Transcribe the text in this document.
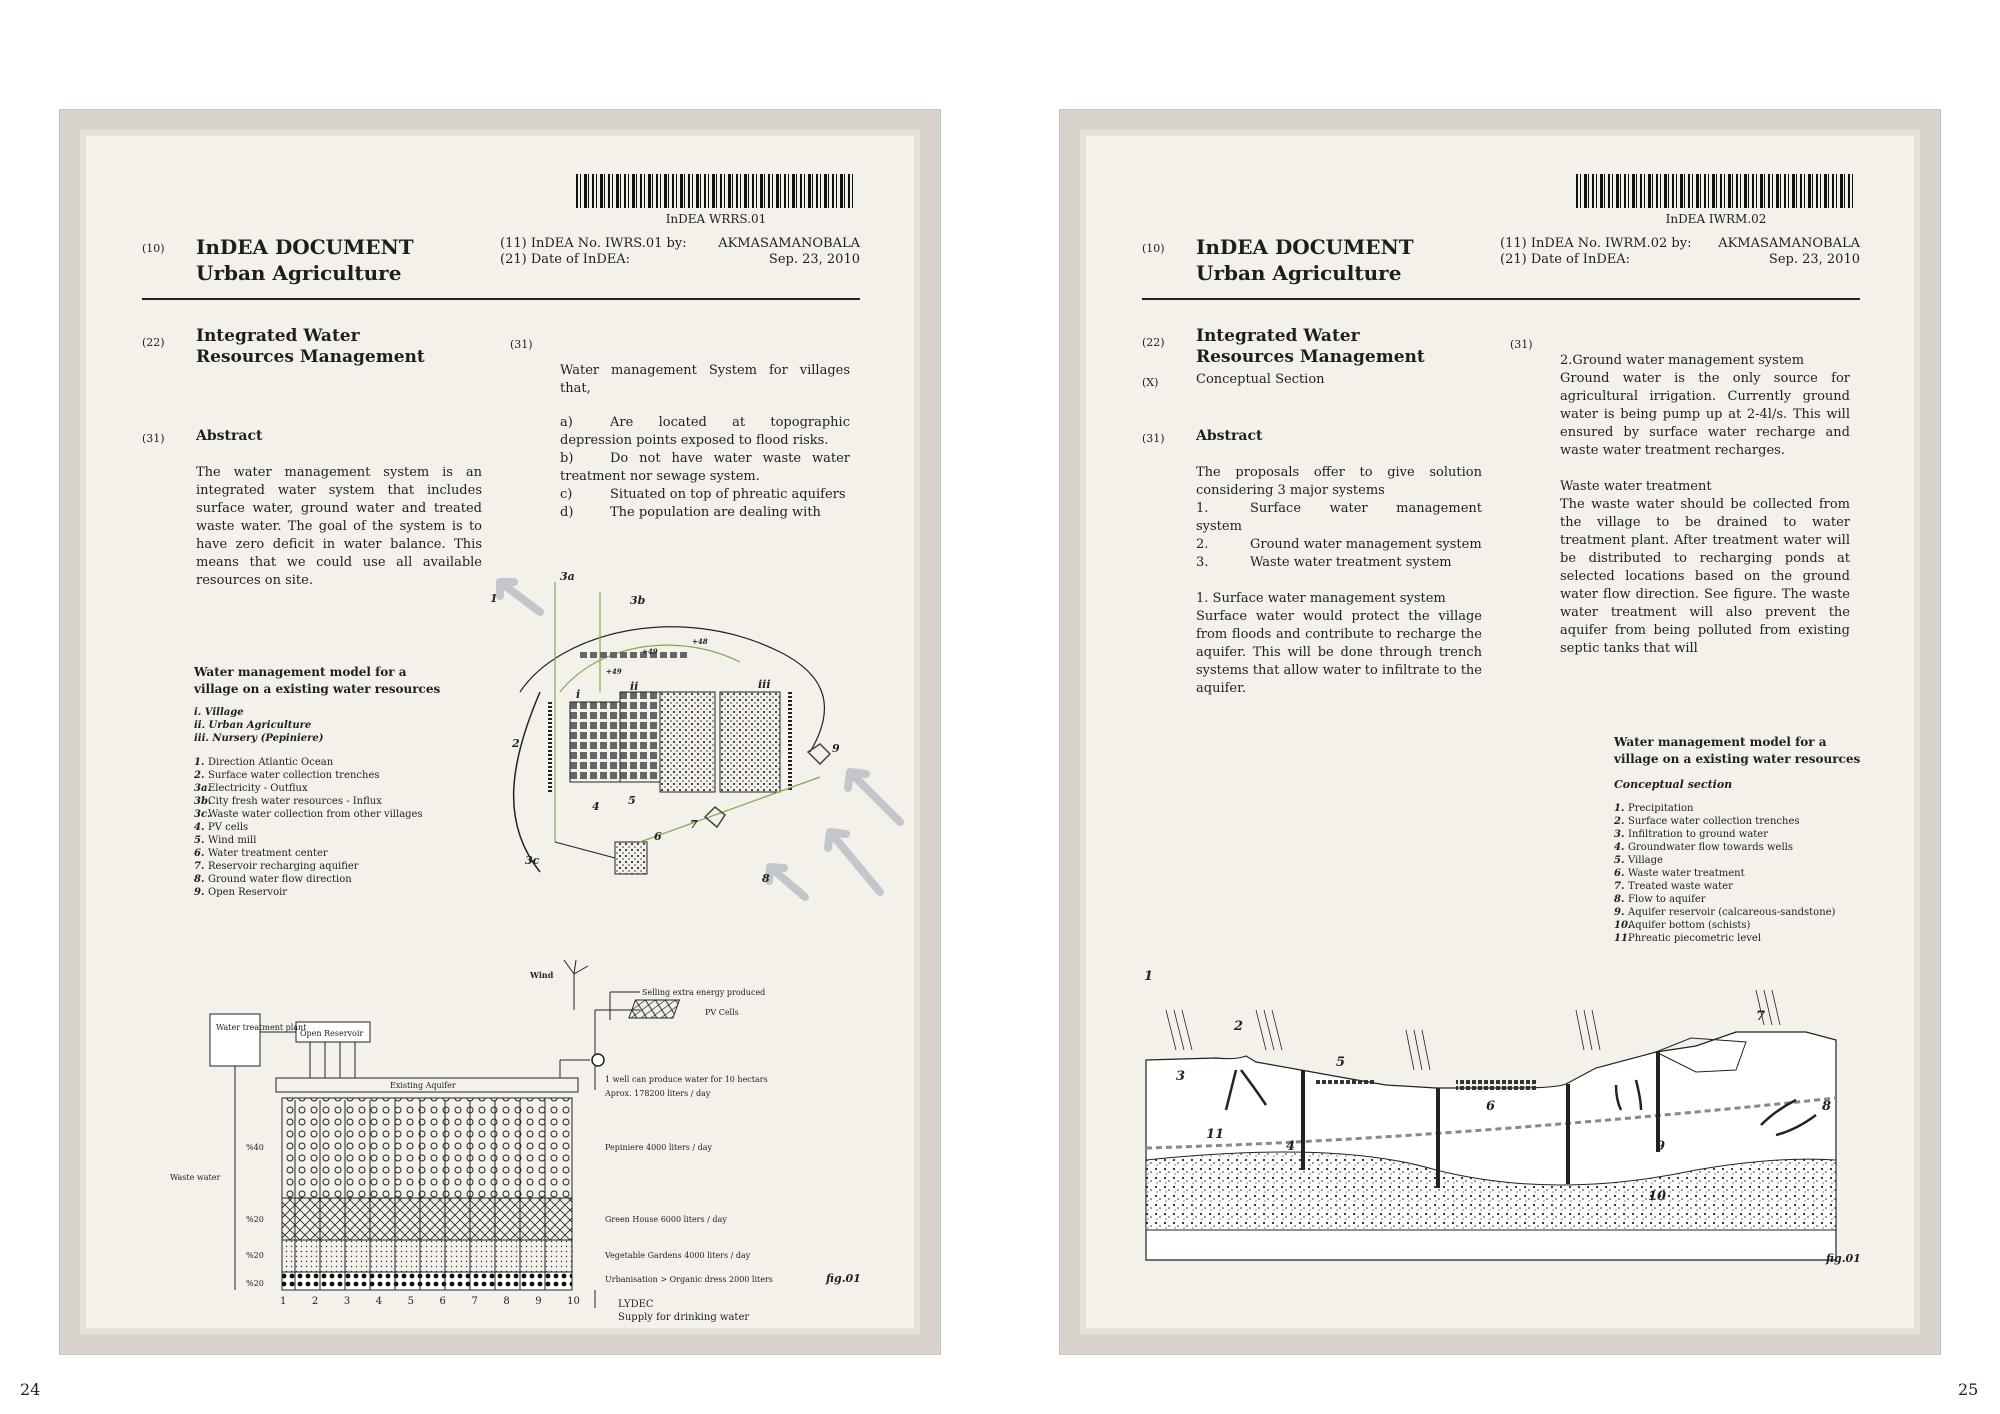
InDEA WRRS.01
(10) InDEA DOCUMENT
Urban Agriculture
(11) InDEA No. IWRS.01 by:
(21) Date of InDEA:
AKMASAMANOBALA
Sep. 23, 2010
(22) Integrated Water Resources Management
(31) Abstract
The water management system is an integrated water system that includes surface water, ground water and treated waste water. The goal of the system is to have zero deficit in water balance. This means that we could use all available resources on site.
(31)
Water management System for villages that,
a)	Are located at topographic depression points exposed to flood risks.
b)	Do not have water waste water treatment nor sewage system.
c)	Situated on top of phreatic aquifers
d)	The population are dealing with
Water management model for a village on a existing water resources
i. Village
ii. Urban Agriculture
iii. Nursery (Pepiniere)
1. Direction Atlantic Ocean
2. Surface water collection trenches
3a.Electricity - Outflux
3b.City fresh water resources - Influx
3c.Waste water collection from other villages
4. PV cells
5. Wind mill
6. Water treatment center
7. Reservoir recharging aquifier
8. Ground water flow direction
9. Open Reservoir
1
2
3a
3b
3c
i
ii	iii
4	5
6
7
8
9
+49
+49
+48
Wind
Selling extra energy produced
PV Cells
Water treatment plant
Open Reservoir
Existing Aquifer
1 well can produce water for 10 hectars
Aprox. 178200 liters / day
Waste water
%40	Pepiniere 4000 liters / day
%20	Green House 6000 liters / day
%20	Vegetable Gardens 4000 liters / day
%20	Urbanisation > Organic dress 2000 liters
1	2	3	4	5	6	7	8	9	10	LYDEC
Supply for drinking water
fig.01
InDEA IWRM.02
(10) InDEA DOCUMENT
Urban Agriculture
(11) InDEA No. IWRM.02 by:
(21) Date of InDEA:
AKMASAMANOBALA
Sep. 23, 2010
(22) Integrated Water Resources Management
(X)	Conceptual Section
(31) Abstract
The proposals offer to give solution considering 3 major systems
1.	Surface water management system
2.	Ground water management system
3.	Waste water treatment system
1. Surface water management system
Surface water would protect the village from floods and contribute to recharge the aquifer. This will be done through trench systems that allow water to infiltrate to the aquifer.
(31)
2.Ground water management system
Ground water is the only source for agricultural irrigation. Currently ground water is being pump up at 2-4l/s. This will ensured by surface water recharge and waste water treatment recharges.
Waste water treatment
The waste water should be collected from the village to be drained to water treatment plant. After treatment water will be distributed to recharging ponds at selected locations based on the ground water flow direction. See figure. The waste water treatment will also prevent the aquifer from being polluted from existing septic tanks that will
Water management model for a village on a existing water resources
Conceptual section
1. Precipitation
2. Surface water collection trenches
3. Infiltration to ground water
4. Groundwater flow towards wells
5. Village
6. Waste water treatment
7. Treated waste water
8. Flow to aquifer
9. Aquifer reservoir (calcareous-sandstone)
10.Aquifer bottom (schists)
11.Phreatic piecometric level
1
2
3
4
5
6
7
8
9
10
11
fig.01
24	25
